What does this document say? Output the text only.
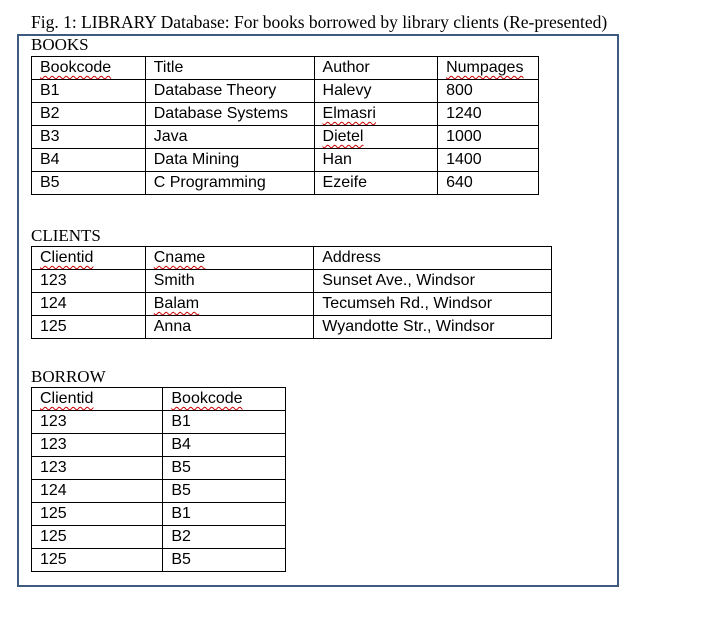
Fig. 1: LIBRARY Database: For books borrowed by library clients (Re-presented)
BOOKS
Bookcode	Title	Author	Numpages
B1	Database Theory	Halevy	800
B2	Database Systems	Elmasri	1240
B3	Java	Dietel	1000
B4	Data Mining	Han	1400
B5	C Programming	Ezeife	640
CLIENTS
Clientid	Cname	Address
123	Smith	Sunset Ave., Windsor
124	Balam	Tecumseh Rd., Windsor
125	Anna	Wyandotte Str., Windsor
BORROW
Clientid	Bookcode
123	B1
123	B4
123	B5
124	B5
125	B1
125	B2
125	B5
